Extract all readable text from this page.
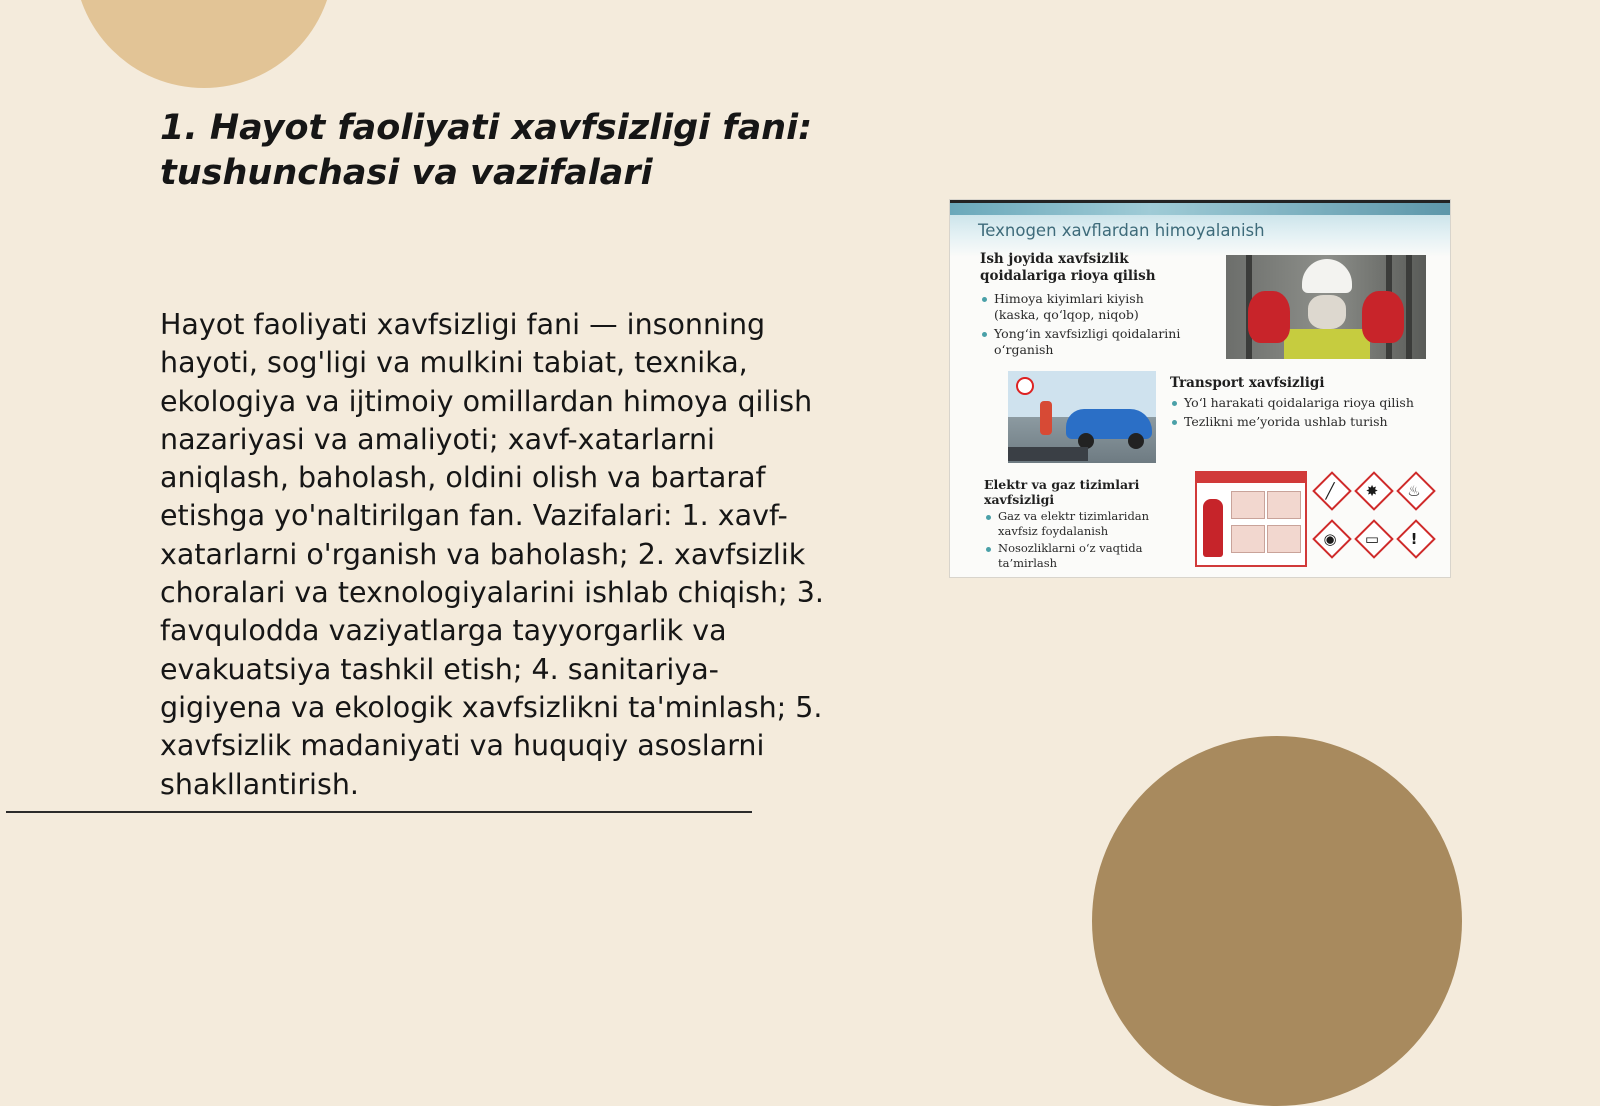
1. Hayot faoliyati xavfsizligi fani: tushunchasi va vazifalari

Hayot faoliyati xavfsizligi fani — insonning hayoti, sog'ligi va mulkini tabiat, texnika, ekologiya va ijtimoiy omillardan himoya qilish nazariyasi va amaliyoti; xavf-xatarlarni aniqlash, baholash, oldini olish va bartaraf etishga yo'naltirilgan fan. Vazifalari: 1. xavf-xatarlarni o'rganish va baholash; 2. xavfsizlik choralari va texnologiyalarini ishlab chiqish; 3. favqulodda vaziyatlarga tayyorgarlik va evakuatsiya tashkil etish; 4. sanitariya-gigiyena va ekologik xavfsizlikni ta'minlash; 5. xavfsizlik madaniyati va huquqiy asoslarni shakllantirish.

Texnogen xavflardan himoyalanish
Ish joyida xavfsizlik qoidalariga rioya qilish
Himoya kiyimlari kiyish (kaska, qo‘lqop, niqob)
Yong‘in xavfsizligi qoidalarini o‘rganish
Transport xavfsizligi
Yo‘l harakati qoidalariga rioya qilish
Tezlikni me’yorida ushlab turish
Elektr va gaz tizimlari xavfsizligi
Gaz va elektr tizimlaridan xavfsiz foydalanish
Nosozliklarni o‘z vaqtida ta’mirlash
╱	✸	♨
◉	▭	!
